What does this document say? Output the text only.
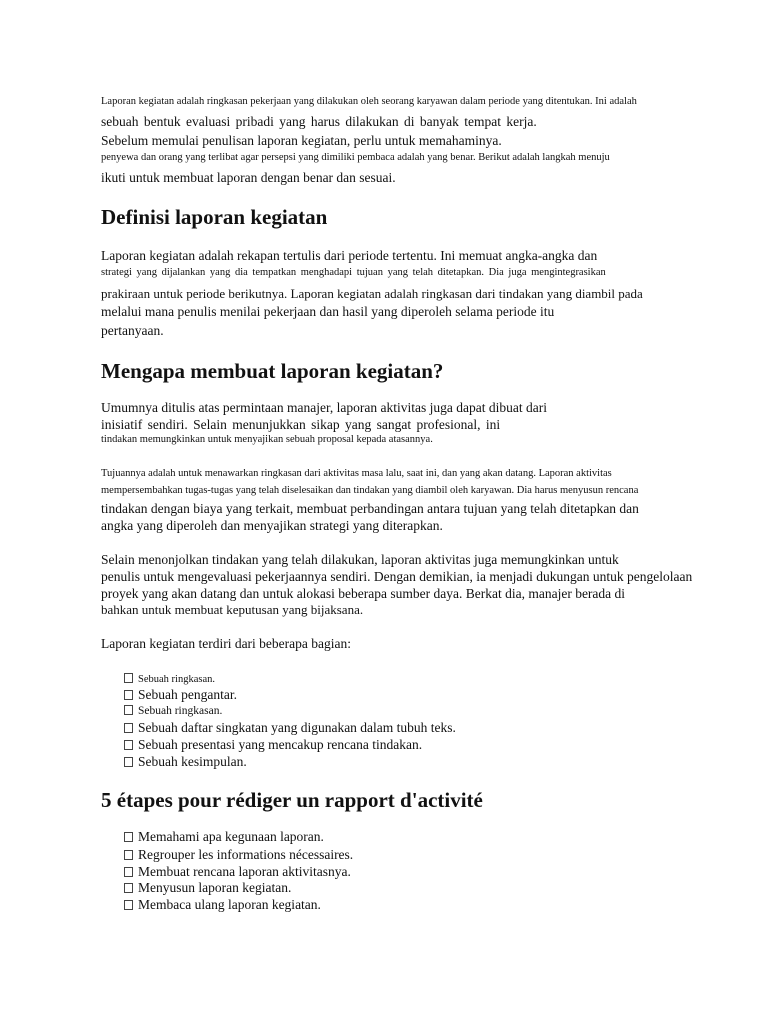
Laporan kegiatan adalah ringkasan pekerjaan yang dilakukan oleh seorang karyawan dalam periode yang ditentukan. Ini adalah
sebuah bentuk evaluasi pribadi yang harus dilakukan di banyak tempat kerja.
Sebelum memulai penulisan laporan kegiatan, perlu untuk memahaminya.
penyewa dan orang yang terlibat agar persepsi yang dimiliki pembaca adalah yang benar. Berikut adalah langkah menuju
ikuti untuk membuat laporan dengan benar dan sesuai.
Definisi laporan kegiatan
Laporan kegiatan adalah rekapan tertulis dari periode tertentu. Ini memuat angka-angka dan
strategi yang dijalankan yang dia tempatkan menghadapi tujuan yang telah ditetapkan. Dia juga mengintegrasikan
prakiraan untuk periode berikutnya. Laporan kegiatan adalah ringkasan dari tindakan yang diambil pada
melalui mana penulis menilai pekerjaan dan hasil yang diperoleh selama periode itu
pertanyaan.
Mengapa membuat laporan kegiatan?
Umumnya ditulis atas permintaan manajer, laporan aktivitas juga dapat dibuat dari
inisiatif sendiri. Selain menunjukkan sikap yang sangat profesional, ini
tindakan memungkinkan untuk menyajikan sebuah proposal kepada atasannya.
Tujuannya adalah untuk menawarkan ringkasan dari aktivitas masa lalu, saat ini, dan yang akan datang. Laporan aktivitas
mempersembahkan tugas-tugas yang telah diselesaikan dan tindakan yang diambil oleh karyawan. Dia harus menyusun rencana
tindakan dengan biaya yang terkait, membuat perbandingan antara tujuan yang telah ditetapkan dan
angka yang diperoleh dan menyajikan strategi yang diterapkan.
Selain menonjolkan tindakan yang telah dilakukan, laporan aktivitas juga memungkinkan untuk
penulis untuk mengevaluasi pekerjaannya sendiri. Dengan demikian, ia menjadi dukungan untuk pengelolaan
proyek yang akan datang dan untuk alokasi beberapa sumber daya. Berkat dia, manajer berada di
bahkan untuk membuat keputusan yang bijaksana.
Laporan kegiatan terdiri dari beberapa bagian:
Sebuah ringkasan.
Sebuah pengantar.
Sebuah ringkasan.
Sebuah daftar singkatan yang digunakan dalam tubuh teks.
Sebuah presentasi yang mencakup rencana tindakan.
Sebuah kesimpulan.
5 étapes pour rédiger un rapport d'activité
Memahami apa kegunaan laporan.
Regrouper les informations nécessaires.
Membuat rencana laporan aktivitasnya.
Menyusun laporan kegiatan.
Membaca ulang laporan kegiatan.
